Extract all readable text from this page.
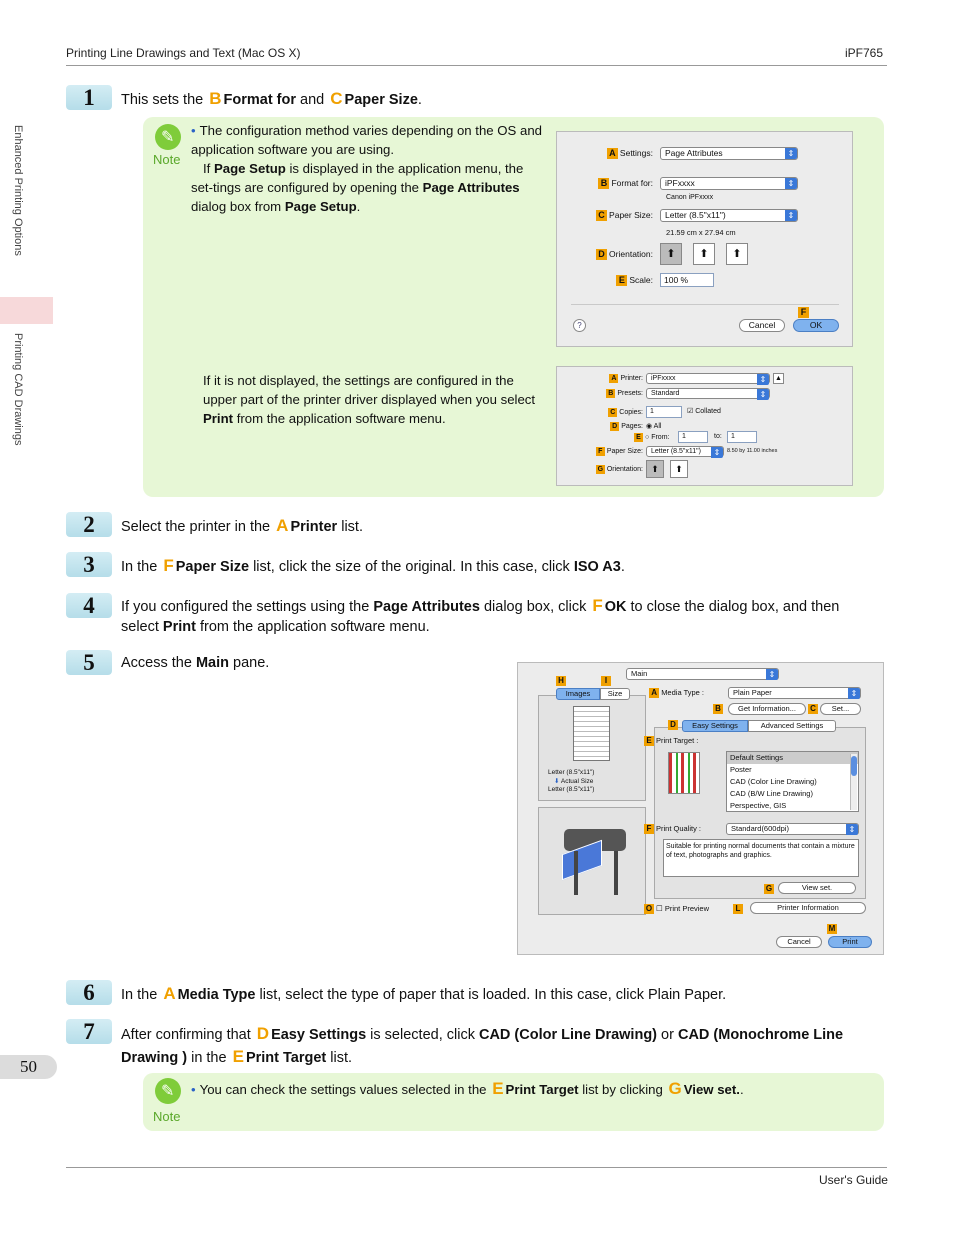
Printing Line Drawings and Text (Mac OS X)	iPF765
Enhanced Printing Options
Printing CAD Drawings
1	This sets the B Format for and C Paper Size.
✎
Note
• The configuration method varies depending on the OS and application software you are using.
If Page Setup is displayed in the application menu, the set-tings are configured by opening the Page Attributes dialog box from Page Setup.
If it is not displayed, the settings are configured in the upper part of the printer driver displayed when you select Print from the application software menu.
A Settings:	Page Attributes ⇕
B Format for:	iPFxxxx ⇕
Canon iPFxxxx
C Paper Size:	Letter (8.5"x11") ⇕
21.59 cm x 27.94 cm
D Orientation:	⬆	⬆	⬆
E Scale:	100 %
F
?	Cancel	OK
A Printer:	iPFxxxx ⇕	▲
B Presets:	Standard ⇕
C Copies:	1	☑ Collated
D Pages: ◉ All
E ○ From:	1	to:	1
F Paper Size:	Letter (8.5"x11") ⇕	8.50 by 11.00 inches
G Orientation: ⬆	⬆
2	Select the printer in the A Printer list.
3	In the F Paper Size list, click the size of the original. In this case, click ISO A3.
4	If you configured the settings using the Page Attributes dialog box, click F OK to close the dialog box, and then select Print from the application software menu.
5	Access the Main pane.
Main ⇕
H	I
Images	Size
Letter (8.5"x11")
⬇ Actual Size
Letter (8.5"x11")
A Media Type :	Plain Paper ⇕
B	Get Information...	C	Set...
D	Easy Settings	Advanced Settings
E Print Target :
Default Settings
Poster
CAD (Color Line Drawing)
CAD (B/W Line Drawing)
Perspective, GIS
F Print Quality :	Standard(600dpi) ⇕
Suitable for printing normal documents that contain a mixture of text, photographs and graphics.
G	View set.
O ☐ Print Preview	L	Printer Information
M
Cancel	Print
6	In the A Media Type list, select the type of paper that is loaded. In this case, click Plain Paper.
7	After confirming that D Easy Settings is selected, click CAD (Color Line Drawing) or CAD (Monochrome Line Drawing ) in the E Print Target list.
✎
Note
• You can check the settings values selected in the E Print Target list by clicking G View set..
50
User's Guide
